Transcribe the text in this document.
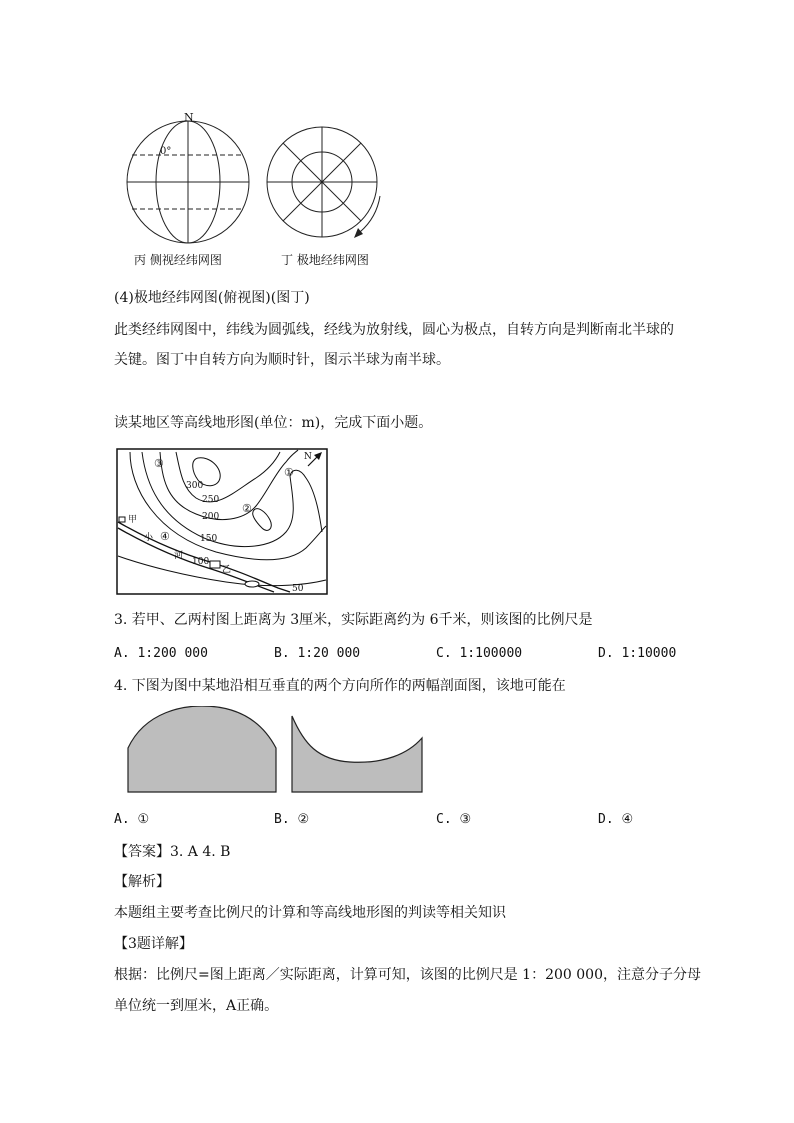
N
0°
丙 侧视经纬网图	丁 极地经纬网图
(4)极地经纬网图(俯视图)(图丁)
此类经纬网图中，纬线为圆弧线，经线为放射线，圆心为极点，自转方向是判断南北半球的
关键。图丁中自转方向为顺时针，图示半球为南半球。
读某地区等高线地形图(单位：m)，完成下面小题。
N
300
250
200
150
100
50
①
②
③
④
甲
乙
小
河
3. 若甲、乙两村图上距离为 3厘米，实际距离约为 6千米，则该图的比例尺是
A. 1:200 000	B. 1:20 000	C. 1:100000	D. 1:10000
4. 下图为图中某地沿相互垂直的两个方向所作的两幅剖面图，该地可能在
A. ①	B. ②	C. ③	D. ④
【答案】3. A 4. B
【解析】
本题组主要考查比例尺的计算和等高线地形图的判读等相关知识
【3题详解】
根据：比例尺=图上距离／实际距离，计算可知，该图的比例尺是 1：200 000，注意分子分母
单位统一到厘米，A正确。
